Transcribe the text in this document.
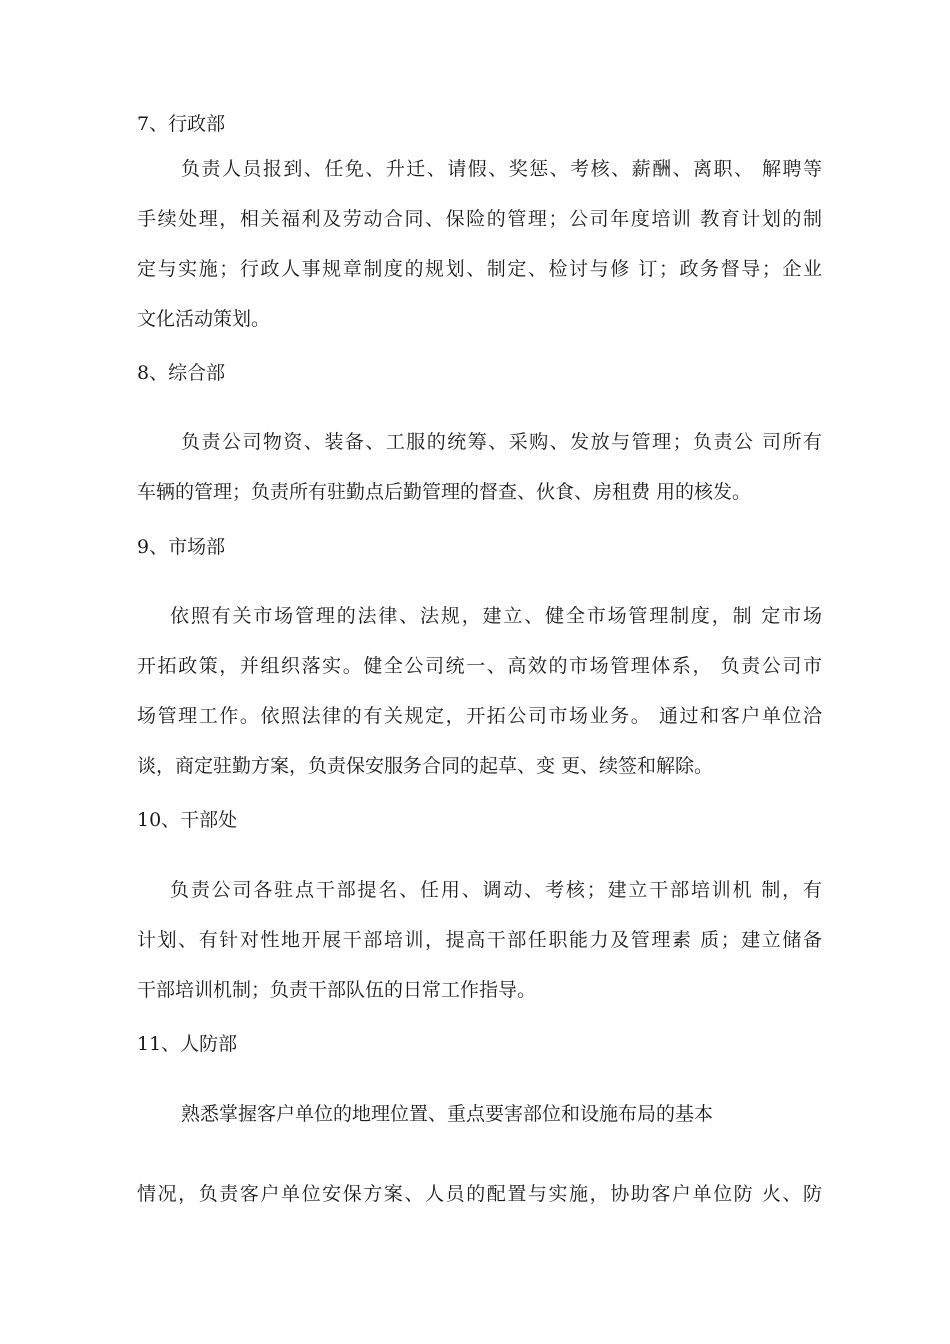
7、行政部
负责人员报到、任免、升迁、请假、奖惩、考核、薪酬、离职、 解聘等
手续处理，相关福利及劳动合同、保险的管理；公司年度培训 教育计划的制
定与实施；行政人事规章制度的规划、制定、检讨与修 订；政务督导；企业
文化活动策划。
8、综合部
负责公司物资、装备、工服的统筹、采购、发放与管理；负责公 司所有
车辆的管理；负责所有驻勤点后勤管理的督查、伙食、房租费 用的核发。
9、市场部
依照有关市场管理的法律、法规，建立、健全市场管理制度，制 定市场
开拓政策，并组织落实。健全公司统一、高效的市场管理体系， 负责公司市
场管理工作。依照法律的有关规定，开拓公司市场业务。 通过和客户单位洽
谈，商定驻勤方案，负责保安服务合同的起草、变 更、续签和解除。
10、干部处
负责公司各驻点干部提名、任用、调动、考核；建立干部培训机 制，有
计划、有针对性地开展干部培训，提高干部任职能力及管理素 质；建立储备
干部培训机制；负责干部队伍的日常工作指导。
11、人防部
熟悉掌握客户单位的地理位置、重点要害部位和设施布局的基本
情况，负责客户单位安保方案、人员的配置与实施，协助客户单位防 火、防
